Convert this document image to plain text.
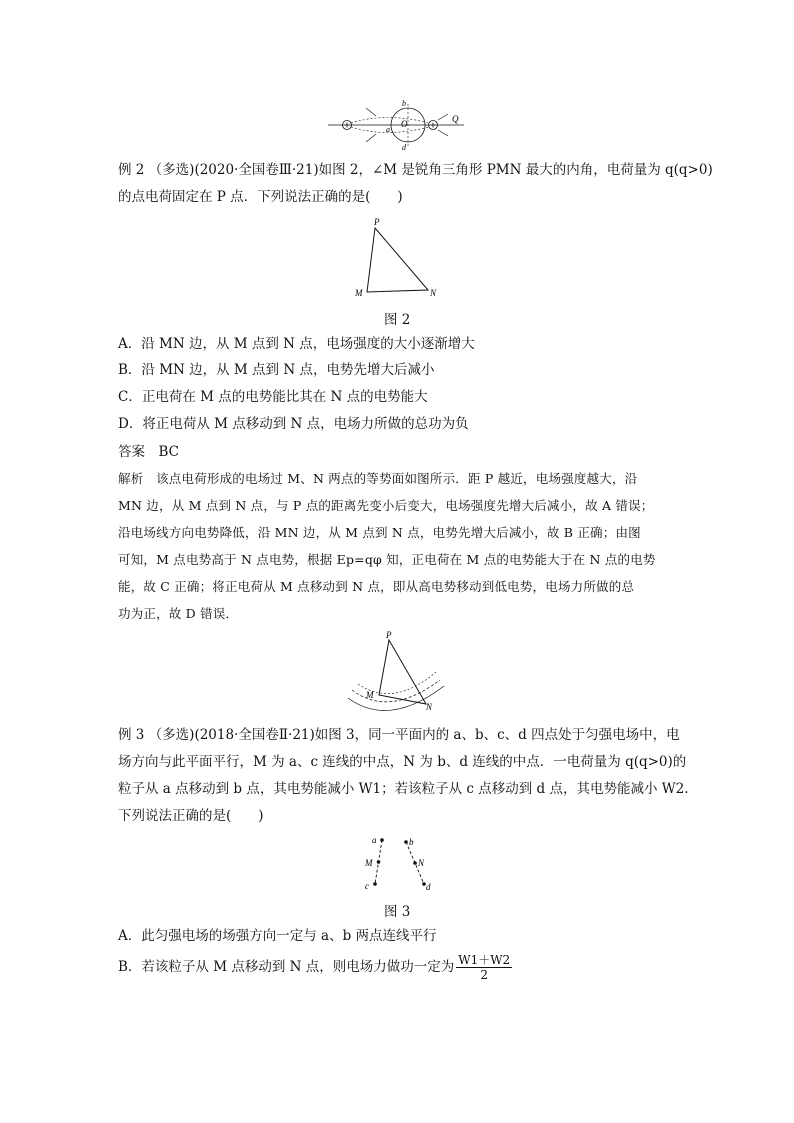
b
O
a
d
Q
例 2 （多选)(2020·全国卷Ⅲ·21)如图 2，∠M 是锐角三角形 PMN 最大的内角，电荷量为 q(q>0)
的点电荷固定在 P 点．下列说法正确的是(　　)
P
M	N
图 2
A．沿 MN 边，从 M 点到 N 点，电场强度的大小逐渐增大
B．沿 MN 边，从 M 点到 N 点，电势先增大后减小
C．正电荷在 M 点的电势能比其在 N 点的电势能大
D．将正电荷从 M 点移动到 N 点，电场力所做的总功为负
答案　BC
解析　该点电荷形成的电场过 M、N 两点的等势面如图所示．距 P 越近，电场强度越大，沿
MN 边，从 M 点到 N 点，与 P 点的距离先变小后变大，电场强度先增大后减小，故 A 错误；
沿电场线方向电势降低，沿 MN 边，从 M 点到 N 点，电势先增大后减小，故 B 正确；由图
可知，M 点电势高于 N 点电势，根据 Ep=qφ 知，正电荷在 M 点的电势能大于在 N 点的电势
能，故 C 正确；将正电荷从 M 点移动到 N 点，即从高电势移动到低电势，电场力所做的总
功为正，故 D 错误．
P
M
N
例 3 （多选)(2018·全国卷Ⅱ·21)如图 3，同一平面内的 a、b、c、d 四点处于匀强电场中，电
场方向与此平面平行，M 为 a、c 连线的中点，N 为 b、d 连线的中点．一电荷量为 q(q>0)的
粒子从 a 点移动到 b 点，其电势能减小 W1；若该粒子从 c 点移动到 d 点，其电势能减小 W2.
下列说法正确的是(　　)
a	b
M	N
c	d
图 3
A．此匀强电场的场强方向一定与 a、b 两点连线平行
B．若该粒子从 M 点移动到 N 点，则电场力做功一定为 $\frac{W1+W2}{2}$
